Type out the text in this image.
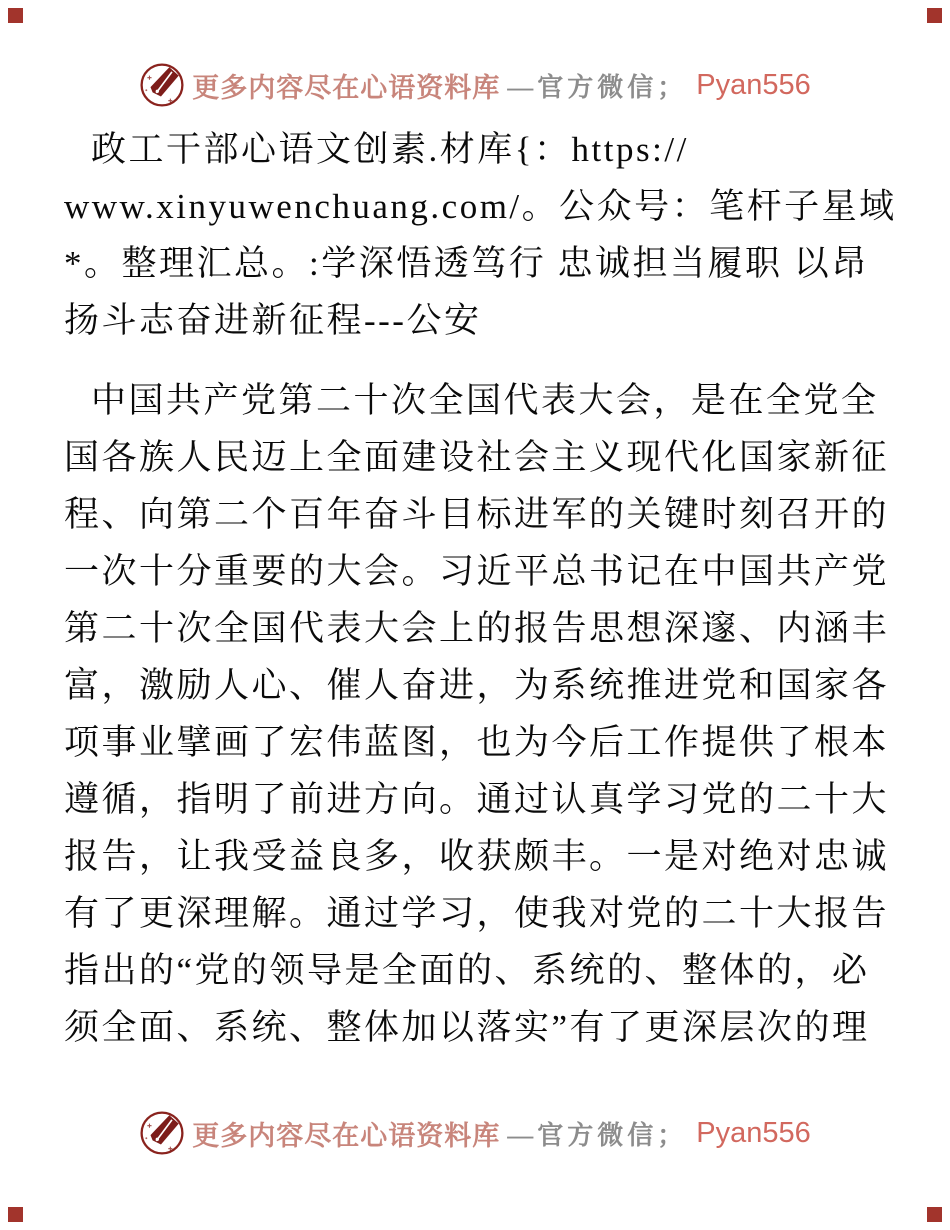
更多内容尽在心语资料库 —官方微信； Pyan556
政工干部心语文创素.材库{：https://
www.xinyuwenchuang.com/。公众号：笔杆子星域
*。整理汇总。:学深悟透笃行 忠诚担当履职 以昂
扬斗志奋进新征程---公安
中国共产党第二十次全国代表大会，是在全党全
国各族人民迈上全面建设社会主义现代化国家新征
程、向第二个百年奋斗目标进军的关键时刻召开的
一次十分重要的大会。习近平总书记在中国共产党
第二十次全国代表大会上的报告思想深邃、内涵丰
富，激励人心、催人奋进，为系统推进党和国家各
项事业擘画了宏伟蓝图，也为今后工作提供了根本
遵循，指明了前进方向。通过认真学习党的二十大
报告，让我受益良多，收获颇丰。一是对绝对忠诚
有了更深理解。通过学习，使我对党的二十大报告
指出的“党的领导是全面的、系统的、整体的，必
须全面、系统、整体加以落实”有了更深层次的理
更多内容尽在心语资料库 —官方微信； Pyan556
